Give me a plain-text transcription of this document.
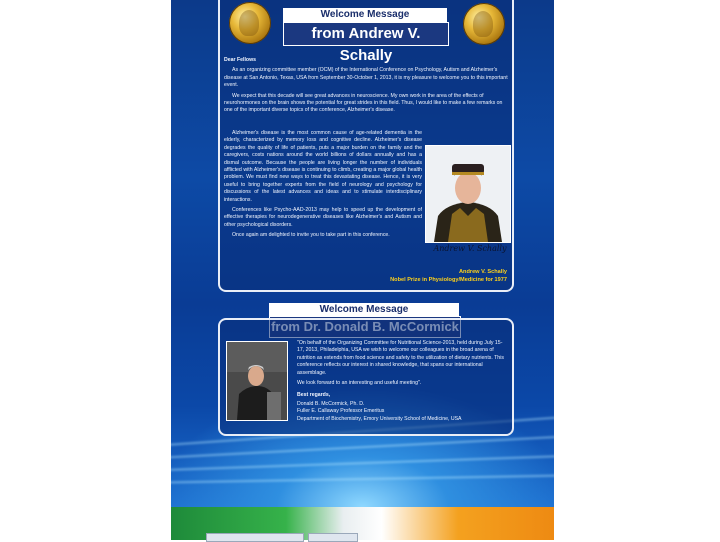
Welcome Message
from Andrew V. Schally

Dear Fellows

As an organizing committee member (OCM) of the International Conference on Psychology, Autism and Alzheimer's disease at San Antonio, Texas, USA from September 30-October 1, 2013, it is my pleasure to welcome you to this important event.

We expect that this decade will see great advances in neuroscience. My own work in the area of the effects of neurohormones on the brain shows the potential for great strides in this field. Thus, I would like to make a few remarks on one of the important diverse topics of the conference, Alzheimer's disease.

Alzheimer's disease is the most common cause of age-related dementia in the elderly, characterized by memory loss and cognitive decline. Alzheimer's disease degrades the quality of life of patients, puts a major burden on the family and the caregivers, costs nations around the world billions of dollars annually and has a dismal outcome. Because the people are living longer the number of individuals afflicted with Alzheimer's disease is continuing to climb, creating a major global health problem. We must find new ways to treat this devastating disease. Hence, it is very useful to bring together experts from the field of neurology and psychology for discussions of the latest advances and ideas and to stimulate interdisciplinary interactions.

Conferences like Psycho-AAD-2013 may help to speed up the development of effective therapies for neurodegenerative diseases like Alzheimer's and Autism and other psychological disorders.

Once again am delighted to invite you to take part in this conference.

Andrew V. Schally
Andrew V. Schally
Nobel Prize in Physiology/Medicine for 1977
Welcome Message

"On behalf of the Organizing Committee for Nutritional Science-2013, held during July 15-17, 2013, Philadelphia, USA we wish to welcome our colleagues in the broad arena of nutrition as extends from food science and safety to the utilization of dietary nutrients. This conference reflects our interest in shared knowledge, that spans our international assemblage.

We look forward to an interesting and useful meeting".

Best regards,

Donald B. McCormick, Ph. D.

Fuller E. Callaway Professor Emeritus

Department of Biochemistry, Emory University School of Medicine, USA
